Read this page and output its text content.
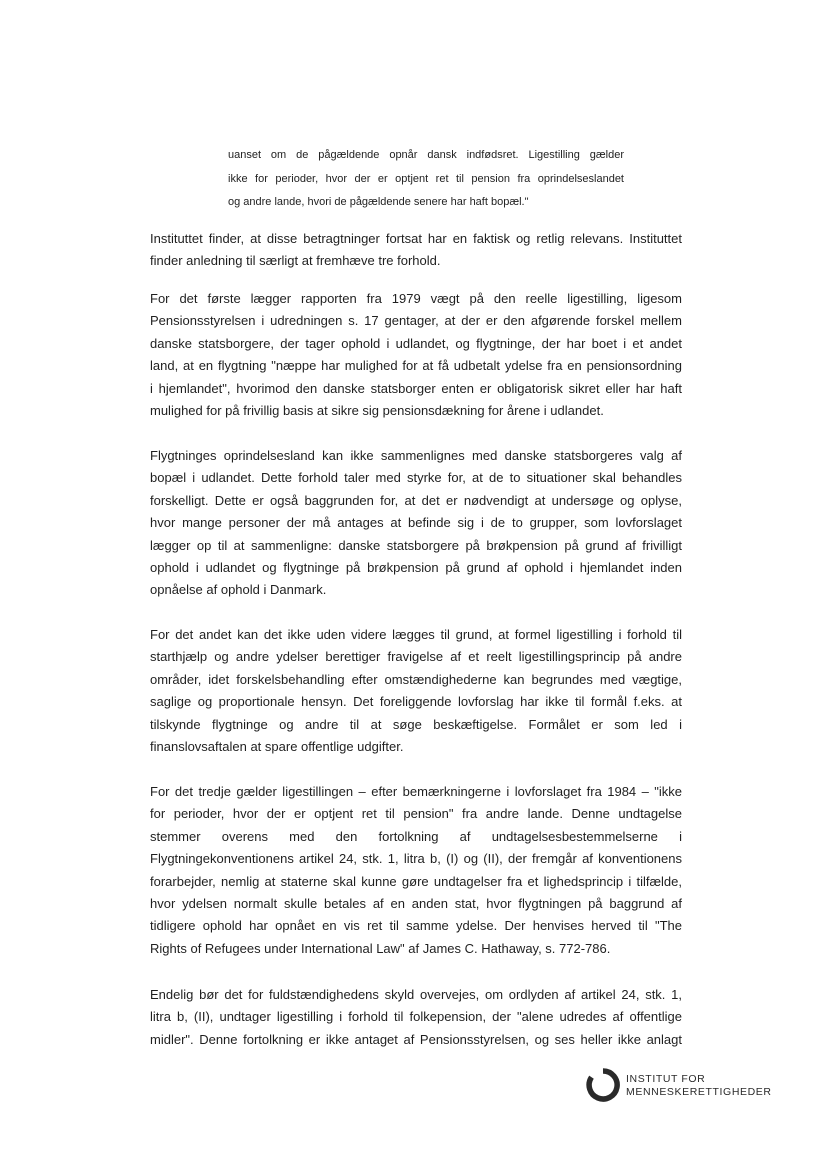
uanset om de pågældende opnår dansk indfødsret. Ligestilling gælder

ikke for perioder, hvor der er optjent ret til pension fra oprindelseslandet

og andre lande, hvori de pågældende senere har haft bopæl."

Instituttet finder, at disse betragtninger fortsat har en faktisk og retlig relevans. Instituttet
finder anledning til særligt at fremhæve tre forhold.
For det første lægger rapporten fra 1979 vægt på den reelle ligestilling, ligesom
Pensionsstyrelsen i udredningen s. 17 gentager, at der er den afgørende forskel mellem
danske statsborgere, der tager ophold i udlandet, og flygtninge, der har boet i et andet
land, at en flygtning "næppe har mulighed for at få udbetalt ydelse fra en pensionsordning
i hjemlandet", hvorimod den danske statsborger enten er obligatorisk sikret eller har haft
mulighed for på frivillig basis at sikre sig pensionsdækning for årene i udlandet.
Flygtninges oprindelsesland kan ikke sammenlignes med danske statsborgeres valg af
bopæl i udlandet. Dette forhold taler med styrke for, at de to situationer skal behandles
forskelligt. Dette er også baggrunden for, at det er nødvendigt at undersøge og oplyse,
hvor mange personer der må antages at befinde sig i de to grupper, som lovforslaget
lægger op til at sammenligne: danske statsborgere på brøkpension på grund af frivilligt
ophold i udlandet og flygtninge på brøkpension på grund af ophold i hjemlandet inden
opnåelse af ophold i Danmark.
For det andet kan det ikke uden videre lægges til grund, at formel ligestilling i forhold til
starthjælp og andre ydelser berettiger fravigelse af et reelt ligestillingsprincip på andre
områder, idet forskelsbehandling efter omstændighederne kan begrundes med vægtige,
saglige og proportionale hensyn. Det foreliggende lovforslag har ikke til formål f.eks. at
tilskynde flygtninge og andre til at søge beskæftigelse. Formålet er som led i
finanslovsaftalen at spare offentlige udgifter.
For det tredje gælder ligestillingen – efter bemærkningerne i lovforslaget fra 1984 – "ikke
for perioder, hvor der er optjent ret til pension" fra andre lande. Denne undtagelse
stemmer overens med den fortolkning af undtagelsesbestemmelserne i
Flygtningekonventionens artikel 24, stk. 1, litra b, (I) og (II), der fremgår af konventionens
forarbejder, nemlig at staterne skal kunne gøre undtagelser fra et lighedsprincip i tilfælde,
hvor ydelsen normalt skulle betales af en anden stat, hvor flygtningen på baggrund af
tidligere ophold har opnået en vis ret til samme ydelse. Der henvises herved til "The
Rights of Refugees under International Law" af James C. Hathaway, s. 772-786.
Endelig bør det for fuldstændighedens skyld overvejes, om ordlyden af artikel 24, stk. 1,
litra b, (II), undtager ligestilling i forhold til folkepension, der "alene udredes af offentlige
midler". Denne fortolkning er ikke antaget af Pensionsstyrelsen, og ses heller ikke anlagt
INSTITUT FOR
MENNESKERETTIGHEDER
